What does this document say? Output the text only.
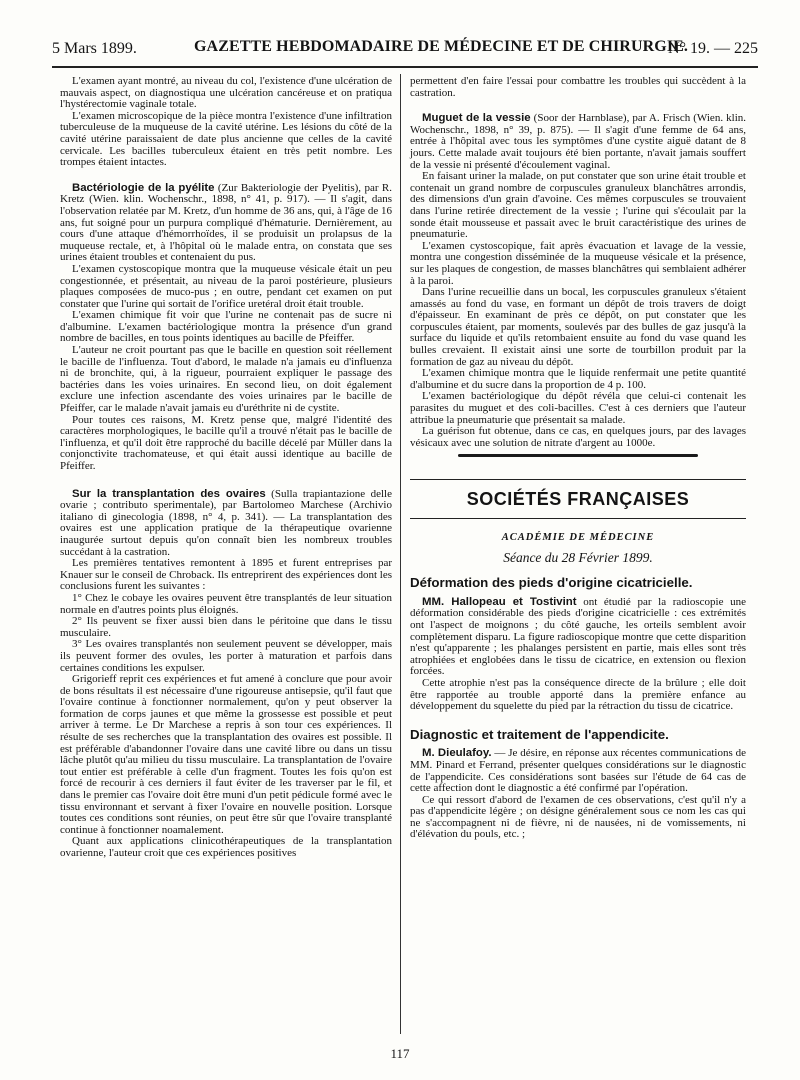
5 Mars 1899.	GAZETTE HEBDOMADAIRE DE MÉDECINE ET DE CHIRURGIE.
N° 19. — 225

L'examen ayant montré, au niveau du col, l'existence d'une ulcération de mauvais aspect, on diagnostiqua une ulcération cancéreuse et on pratiqua l'hystérectomie vaginale totale.

L'examen microscopique de la pièce montra l'existence d'une infiltration tuberculeuse de la muqueuse de la cavité utérine. Les lésions du côté de la cavité utérine paraissaient de date plus ancienne que celles de la cavité cervicale. Les bacilles tuberculeux étaient en très petit nombre. Les trompes étaient intactes.

Bactériologie de la pyélite (Zur Bakteriologie der Pyelitis), par R. Kretz (Wien. klin. Wochenschr., 1898, n° 41, p. 917). — Il s'agit, dans l'observation relatée par M. Kretz, d'un homme de 36 ans, qui, à l'âge de 16 ans, fut soigné pour un purpura compliqué d'hématurie. Dernièrement, au cours d'une attaque d'hémorrhoïdes, il se produisit un prolapsus de la muqueuse rectale, et, à l'hôpital où le malade entra, on constata que ses urines étaient troubles et contenaient du pus.

L'examen cystoscopique montra que la muqueuse vésicale était un peu congestionnée, et présentait, au niveau de la paroi postérieure, plusieurs plaques composées de muco-pus ; en outre, pendant cet examen on put constater que l'urine qui sortait de l'orifice uretéral droit était trouble.

L'examen chimique fit voir que l'urine ne contenait pas de sucre ni d'albumine. L'examen bactériologique montra la présence d'un grand nombre de bacilles, en tous points identiques au bacille de Pfeiffer.

L'auteur ne croit pourtant pas que le bacille en question soit réellement le bacille de l'influenza. Tout d'abord, le malade n'a jamais eu d'influenza ni de bronchite, qui, à la rigueur, pourraient expliquer le passage des bactéries dans les voies urinaires. En second lieu, on doit également exclure une infection ascendante des voies urinaires par le bacille de Pfeiffer, car le malade n'avait jamais eu d'uréthrite ni de cystite.

Pour toutes ces raisons, M. Kretz pense que, malgré l'identité des caractères morphologiques, le bacille qu'il a trouvé n'était pas le bacille de l'influenza, et qu'il doit être rapproché du bacille décelé par Müller dans la conjonctivite trachomateuse, et qui était aussi identique au bacille de Pfeiffer.

Sur la transplantation des ovaires (Sulla trapiantazione delle ovarie ; contributo sperimentale), par Bartolomeo Marchese (Archivio italiano di ginecologia (1898, n° 4, p. 341). — La transplantation des ovaires est une application pratique de la thérapeutique ovarienne inaugurée surtout depuis qu'on connaît bien les nombreux troubles succédant à la castration.

Les premières tentatives remontent à 1895 et furent entreprises par Knauer sur le conseil de Chroback. Ils entreprirent des expériences dont les conclusions furent les suivantes :

1° Chez le cobaye les ovaires peuvent être transplantés de leur situation normale en d'autres points plus éloignés.

2° Ils peuvent se fixer aussi bien dans le péritoine que dans le tissu musculaire.

3° Les ovaires transplantés non seulement peuvent se développer, mais ils peuvent former des ovules, les porter à maturation et parfois dans certaines conditions les expulser.

Grigorieff reprit ces expériences et fut amené à conclure que pour avoir de bons résultats il est nécessaire d'une rigoureuse antisepsie, qu'il faut que l'ovaire continue à fonctionner normalement, qu'on y peut observer la formation de corps jaunes et que même la grossesse est possible et peut arriver à terme. Le Dr Marchese a repris à son tour ces expériences. Il résulte de ses recherches que la transplantation des ovaires est possible. Il est préférable d'abandonner l'ovaire dans une cavité libre ou dans un tissu lâche plutôt qu'au milieu du tissu musculaire. La transplantation de l'ovaire tout entier est préférable à celle d'un fragment. Toutes les fois qu'on est forcé de recourir à ces derniers il faut éviter de les traverser par le fil, et dans le premier cas l'ovaire doit être muni d'un petit pédicule formé avec le tissu environnant et servant à fixer l'ovaire en nouvelle position. Lorsque toutes ces conditions sont réunies, on peut être sûr que l'ovaire transplanté continue à fonctionner noamalement.

Quant aux applications clinicothérapeutiques de la transplantation ovarienne, l'auteur croit que ces expériences positives

permettent d'en faire l'essai pour combattre les troubles qui succèdent à la castration.

Muguet de la vessie (Soor der Harnblase), par A. Frisch (Wien. klin. Wochenschr., 1898, n° 39, p. 875). — Il s'agit d'une femme de 64 ans, entrée à l'hôpital avec tous les symptômes d'une cystite aiguë datant de 8 jours. Cette malade avait toujours été bien portante, n'avait jamais souffert de la vessie ni présenté d'écoulement vaginal.

En faisant uriner la malade, on put constater que son urine était trouble et contenait un grand nombre de corpuscules granuleux blanchâtres arrondis, des dimensions d'un grain d'avoine. Ces mêmes corpuscules se trouvaient dans l'urine retirée directement de la vessie ; l'urine qui s'écoulait par la sonde était mousseuse et passait avec le bruit caractéristique des urines de pneumaturie.

L'examen cystoscopique, fait après évacuation et lavage de la vessie, montra une congestion disséminée de la muqueuse vésicale et la présence, sur les plaques de congestion, de masses blanchâtres qui semblaient adhérer à la paroi.

Dans l'urine recueillie dans un bocal, les corpuscules granuleux s'étaient amassés au fond du vase, en formant un dépôt de trois travers de doigt d'épaisseur. En examinant de près ce dépôt, on put constater que les corpuscules étaient, par moments, soulevés par des bulles de gaz jusqu'à la surface du liquide et qu'ils retombaient ensuite au fond du vase quand les bulles crevaient. Il existait ainsi une sorte de tourbillon produit par la formation de gaz au niveau du dépôt.

L'examen chimique montra que le liquide renfermait une petite quantité d'albumine et du sucre dans la proportion de 4 p. 100.

L'examen bactériologique du dépôt révéla que celui-ci contenait les parasites du muguet et des coli-bacilles. C'est à ces derniers que l'auteur attribue la pneumaturie que présentait sa malade.

La guérison fut obtenue, dans ce cas, en quelques jours, par des lavages vésicaux avec une solution de nitrate d'argent au 1000e.

SOCIÉTÉS FRANÇAISES
ACADÉMIE DE MÉDECINE
Séance du 28 Février 1899.
Déformation des pieds d'origine cicatricielle.

MM. Hallopeau et Tostivint ont étudié par la radioscopie une déformation considérable des pieds d'origine cicatricielle : ces extrémités ont l'aspect de moignons ; du côté gauche, les orteils semblent avoir complètement disparu. La figure radioscopique montre que cette disparition n'est qu'apparente ; les phalanges persistent en partie, mais elles sont très atrophiées et englobées dans le tissu de cicatrice, en extension ou flexion forcées.

Cette atrophie n'est pas la conséquence directe de la brûlure ; elle doit être rapportée au trouble apporté dans la première enfance au développement du squelette du pied par la rétraction du tissu de cicatrice.

Diagnostic et traitement de l'appendicite.

M. Dieulafoy. — Je désire, en réponse aux récentes communications de MM. Pinard et Ferrand, présenter quelques considérations sur le diagnostic de l'appendicite. Ces considérations sont basées sur l'étude de 64 cas de cette affection dont le diagnostic a été confirmé par l'opération.

Ce qui ressort d'abord de l'examen de ces observations, c'est qu'il n'y a pas d'appendicite légère ; on désigne généralement sous ce nom les cas qui ne s'accompagnent ni de fièvre, ni de nausées, ni de vomissements, ni d'élévation du pouls, etc. ;

117
